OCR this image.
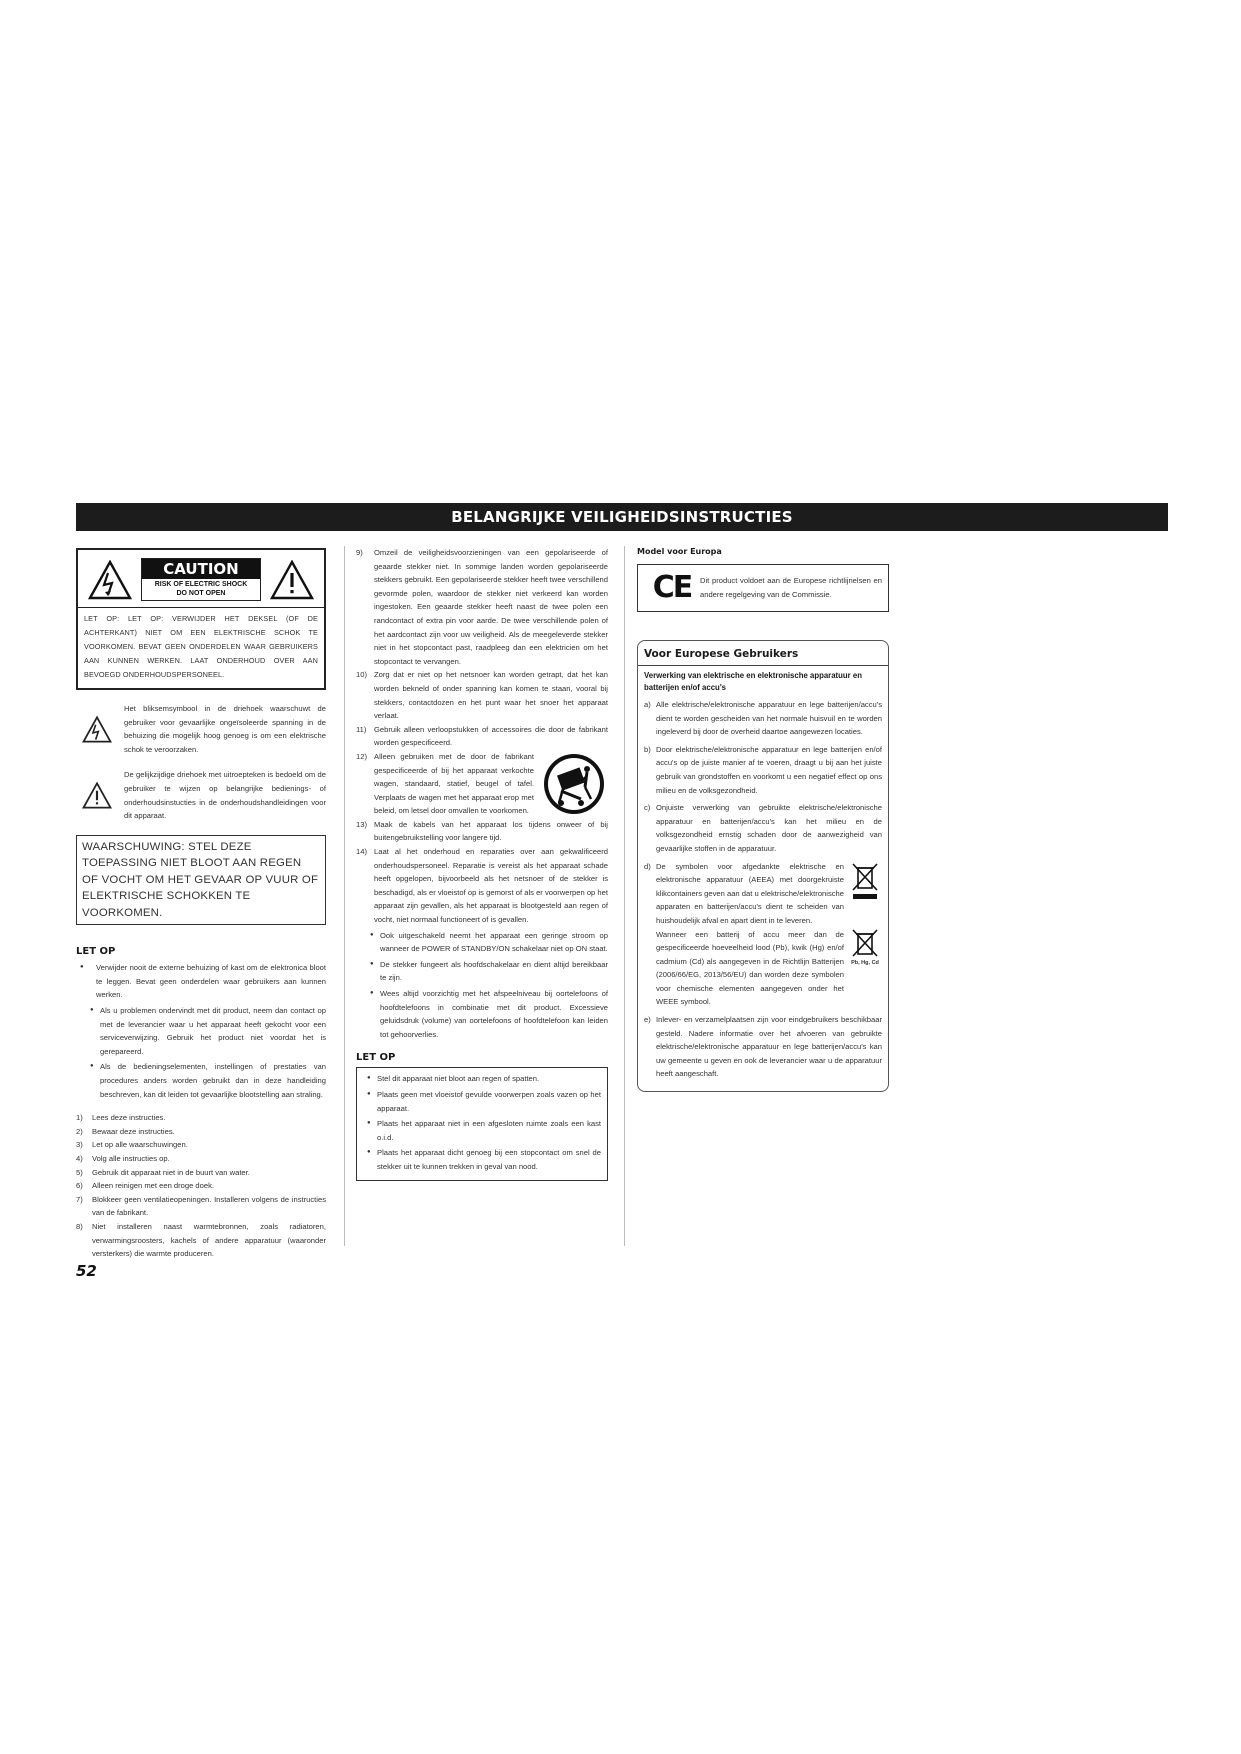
BELANGRIJKE VEILIGHEIDSINSTRUCTIES
CAUTION
RISK OF ELECTRIC SHOCK
DO NOT OPEN
LET OP: LET OP: VERWIJDER HET DEKSEL (OF DE ACHTERKANT) NIET OM EEN ELEKTRISCHE SCHOK TE VOORKOMEN. BEVAT GEEN ONDERDELEN WAAR GEBRUIKERS AAN KUNNEN WERKEN. LAAT ONDERHOUD OVER AAN BEVOEGD ONDERHOUDSPERSONEEL.
Het bliksemsymbool in de driehoek waarschuwt de gebruiker voor gevaarlijke ongeïsoleerde spanning in de behuizing die mogelijk hoog genoeg is om een elektrische schok te veroorzaken.
De gelijkzijdige driehoek met uitroepteken is bedoeld om de gebruiker te wijzen op belangrijke bedienings- of onderhoudsinstucties in de onderhoudshandleidingen voor dit apparaat.
WAARSCHUWING: STEL DEZE TOEPASSING NIET BLOOT AAN REGEN OF VOCHT OM HET GEVAAR OP VUUR OF ELEKTRISCHE SCHOKKEN TE VOORKOMEN.
LET OP
● Verwijder nooit de externe behuizing of kast om de elektronica bloot te leggen. Bevat geen onderdelen waar gebruikers aan kunnen werken.
● Als u problemen ondervindt met dit product, neem dan contact op met de leverancier waar u het apparaat heeft gekocht voor een serviceverwijzing. Gebruik het product niet voordat het is gerepareerd.
● Als de bedieningselementen, instellingen of prestaties van procedures anders worden gebruikt dan in deze handleiding beschreven, kan dit leiden tot gevaarlijke blootstelling aan straling.
1) Lees deze instructies.
2) Bewaar deze instructies.
3) Let op alle waarschuwingen.
4) Volg alle instructies op.
5) Gebruik dit apparaat niet in de buurt van water.
6) Alleen reinigen met een droge doek.
7) Blokkeer geen ventilatieopeningen. Installeren volgens de instructies van de fabrikant.
8) Niet installeren naast warmtebronnen, zoals radiatoren, verwarmingsroosters, kachels of andere apparatuur (waaronder versterkers) die warmte produceren.
9) Omzeil de veiligheidsvoorzieningen van een gepolariseerde of geaarde stekker niet. In sommige landen worden gepolariseerde stekkers gebruikt. Een gepolariseerde stekker heeft twee verschillend gevormde polen, waardoor de stekker niet verkeerd kan worden ingestoken. Een geaarde stekker heeft naast de twee polen een randcontact of extra pin voor aarde. De twee verschillende polen of het aardcontact zijn voor uw veiligheid. Als de meegeleverde stekker niet in het stopcontact past, raadpleeg dan een elektricien om het stopcontact te vervangen.
10) Zorg dat er niet op het netsnoer kan worden getrapt, dat het kan worden bekneld of onder spanning kan komen te staan, vooral bij stekkers, contactdozen en het punt waar het snoer het apparaat verlaat.
11) Gebruik alleen verloopstukken of accessoires die door de fabrikant worden gespecificeerd.
12) Alleen gebruiken met de door de fabrikant gespecificeerde of bij het apparaat verkochte wagen, standaard, statief, beugel of tafel. Verplaats de wagen met het apparaat erop met beleid, om letsel door omvallen te voorkomen.
13) Maak de kabels van het apparaat los tijdens onweer of bij buitengebruikstelling voor langere tijd.
14) Laat al het onderhoud en reparaties over aan gekwalificeerd onderhoudspersoneel. Reparatie is vereist als het apparaat schade heeft opgelopen, bijvoorbeeld als het netsnoer of de stekker is beschadigd, als er vloeistof op is gemorst of als er voorwerpen op het apparaat zijn gevallen, als het apparaat is blootgesteld aan regen of vocht, niet normaal functioneert of is gevallen.
● Ook uitgeschakeld neemt het apparaat een geringe stroom op wanneer de POWER of STANDBY/ON schakelaar niet op ON staat.
● De stekker fungeert als hoofdschakelaar en dient altijd bereikbaar te zijn.
● Wees altijd voorzichtig met het afspeelniveau bij oortelefoons of hoofdtelefoons in combinatie met dit product. Excessieve geluidsdruk (volume) van oortelefoons of hoofdtelefoon kan leiden tot gehoorverlies.
LET OP
● Stel dit apparaat niet bloot aan regen of spatten.
● Plaats geen met vloeistof gevulde voorwerpen zoals vazen op het apparaat.
● Plaats het apparaat niet in een afgesloten ruimte zoals een kast o.i.d.
● Plaats het apparaat dicht genoeg bij een stopcontact om snel de stekker uit te kunnen trekken in geval van nood.
Model voor Europa
CE	Dit product voldoet aan de Europese richtlijnelsen en andere regelgeving van de Commissie.
Voor Europese Gebruikers
Verwerking van elektrische en elektronische apparatuur en batterijen en/of accu's
a) Alle elektrische/elektronische apparatuur en lege batterijen/accu's dient te worden gescheiden van het normale huisvuil en te worden ingeleverd bij door de overheid daartoe aangewezen locaties.
b) Door elektrische/elektronische apparatuur en lege batterijen en/of accu's op de juiste manier af te voeren, draagt u bij aan het juiste gebruik van grondstoffen en voorkomt u een negatief effect op ons milieu en de volksgezondheid.
c) Onjuiste verwerking van gebruikte elektrische/elektronische apparatuur en batterijen/accu's kan het milieu en de volksgezondheid ernstig schaden door de aanwezigheid van gevaarlijke stoffen in de apparatuur.
d) De symbolen voor afgedankte elektrische en elektronische apparatuur (AEEA) met doorgekruiste klikcontainers geven aan dat u elektrische/elektronische apparaten en batterijen/accu's dient te scheiden van huishoudelijk afval en apart dient in te leveren.
Wanneer een batterij of accu meer dan de gespecificeerde hoeveelheid lood (Pb), kwik (Hg) en/of cadmium (Cd) als aangegeven in de Richtlijn Batterijen (2006/66/EG, 2013/56/EU) dan worden deze symbolen voor chemische elementen aangegeven onder het WEEE symbool.
Pb, Hg, Cd
e) Inlever- en verzamelplaatsen zijn voor eindgebruikers beschikbaar gesteld. Nadere informatie over het afvoeren van gebruikte elektrische/elektronische apparatuur en lege batterijen/accu's kan uw gemeente u geven en ook de leverancier waar u de apparatuur heeft aangeschaft.
52
